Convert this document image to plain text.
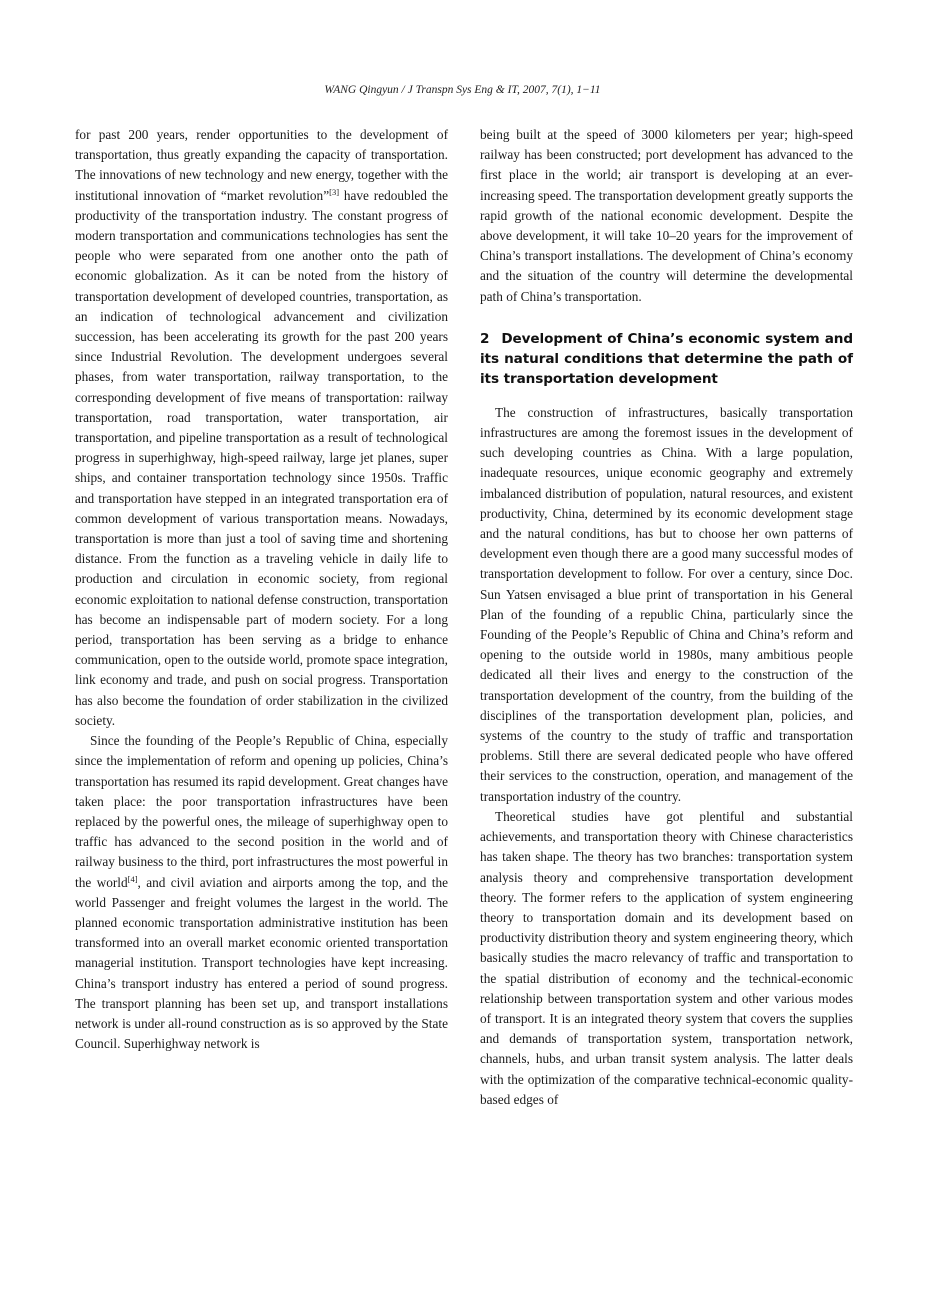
WANG Qingyun / J Transpn Sys Eng & IT, 2007, 7(1), 1−11

for past 200 years, render opportunities to the development of transportation, thus greatly expanding the capacity of transportation. The innovations of new technology and new energy, together with the institutional innovation of “market revolution”[3] have redoubled the productivity of the transportation industry. The constant progress of modern transportation and communications technologies has sent the people who were separated from one another onto the path of economic globalization. As it can be noted from the history of transportation development of developed countries, transportation, as an indication of technological advancement and civilization succession, has been accelerating its growth for the past 200 years since Industrial Revolution. The development undergoes several phases, from water transportation, railway transportation, to the corresponding development of five means of transportation: railway transportation, road transportation, water transportation, air transportation, and pipeline transportation as a result of technological progress in superhighway, high-speed railway, large jet planes, super ships, and container transportation technology since 1950s. Traffic and transportation have stepped in an integrated transportation era of common development of various transportation means. Nowadays, transportation is more than just a tool of saving time and shortening distance. From the function as a traveling vehicle in daily life to production and circulation in economic society, from regional economic exploitation to national defense construction, transportation has become an indispensable part of modern society. For a long period, transportation has been serving as a bridge to enhance communication, open to the outside world, promote space integration, link economy and trade, and push on social progress. Transportation has also become the foundation of order stabilization in the civilized society.

Since the founding of the People’s Republic of China, especially since the implementation of reform and opening up policies, China’s transportation has resumed its rapid development. Great changes have taken place: the poor transportation infrastructures have been replaced by the powerful ones, the mileage of superhighway open to traffic has advanced to the second position in the world and of railway business to the third, port infrastructures the most powerful in the world[4], and civil aviation and airports among the top, and the world Passenger and freight volumes the largest in the world. The planned economic transportation administrative institution has been transformed into an overall market economic oriented transportation managerial institution. Transport technologies have kept increasing. China’s transport industry has entered a period of sound progress. The transport planning has been set up, and transport installations network is under all-round construction as is so approved by the State Council. Superhighway network is

being built at the speed of 3000 kilometers per year; high-speed railway has been constructed; port development has advanced to the first place in the world; air transport is developing at an ever-increasing speed. The transportation development greatly supports the rapid growth of the national economic development. Despite the above development, it will take 10–20 years for the improvement of China’s transport installations. The development of China’s economy and the situation of the country will determine the developmental path of China’s transportation.

2 Development of China’s economic system and its natural conditions that determine the path of its transportation development

The construction of infrastructures, basically transportation infrastructures are among the foremost issues in the development of such developing countries as China. With a large population, inadequate resources, unique economic geography and extremely imbalanced distribution of population, natural resources, and existent productivity, China, determined by its economic development stage and the natural conditions, has but to choose her own patterns of development even though there are a good many successful modes of transportation development to follow. For over a century, since Doc. Sun Yatsen envisaged a blue print of transportation in his General Plan of the founding of a republic China, particularly since the Founding of the People’s Republic of China and China’s reform and opening to the outside world in 1980s, many ambitious people dedicated all their lives and energy to the construction of the transportation development of the country, from the building of the disciplines of the transportation development plan, policies, and systems of the country to the study of traffic and transportation problems. Still there are several dedicated people who have offered their services to the construction, operation, and management of the transportation industry of the country.

Theoretical studies have got plentiful and substantial achievements, and transportation theory with Chinese characteristics has taken shape. The theory has two branches: transportation system analysis theory and comprehensive transportation development theory. The former refers to the application of system engineering theory to transportation domain and its development based on productivity distribution theory and system engineering theory, which basically studies the macro relevancy of traffic and transportation to the spatial distribution of economy and the technical-economic relationship between transportation system and other various modes of transport. It is an integrated theory system that covers the supplies and demands of transportation system, transportation network, channels, hubs, and urban transit system analysis. The latter deals with the optimization of the comparative technical-economic quality-based edges of
